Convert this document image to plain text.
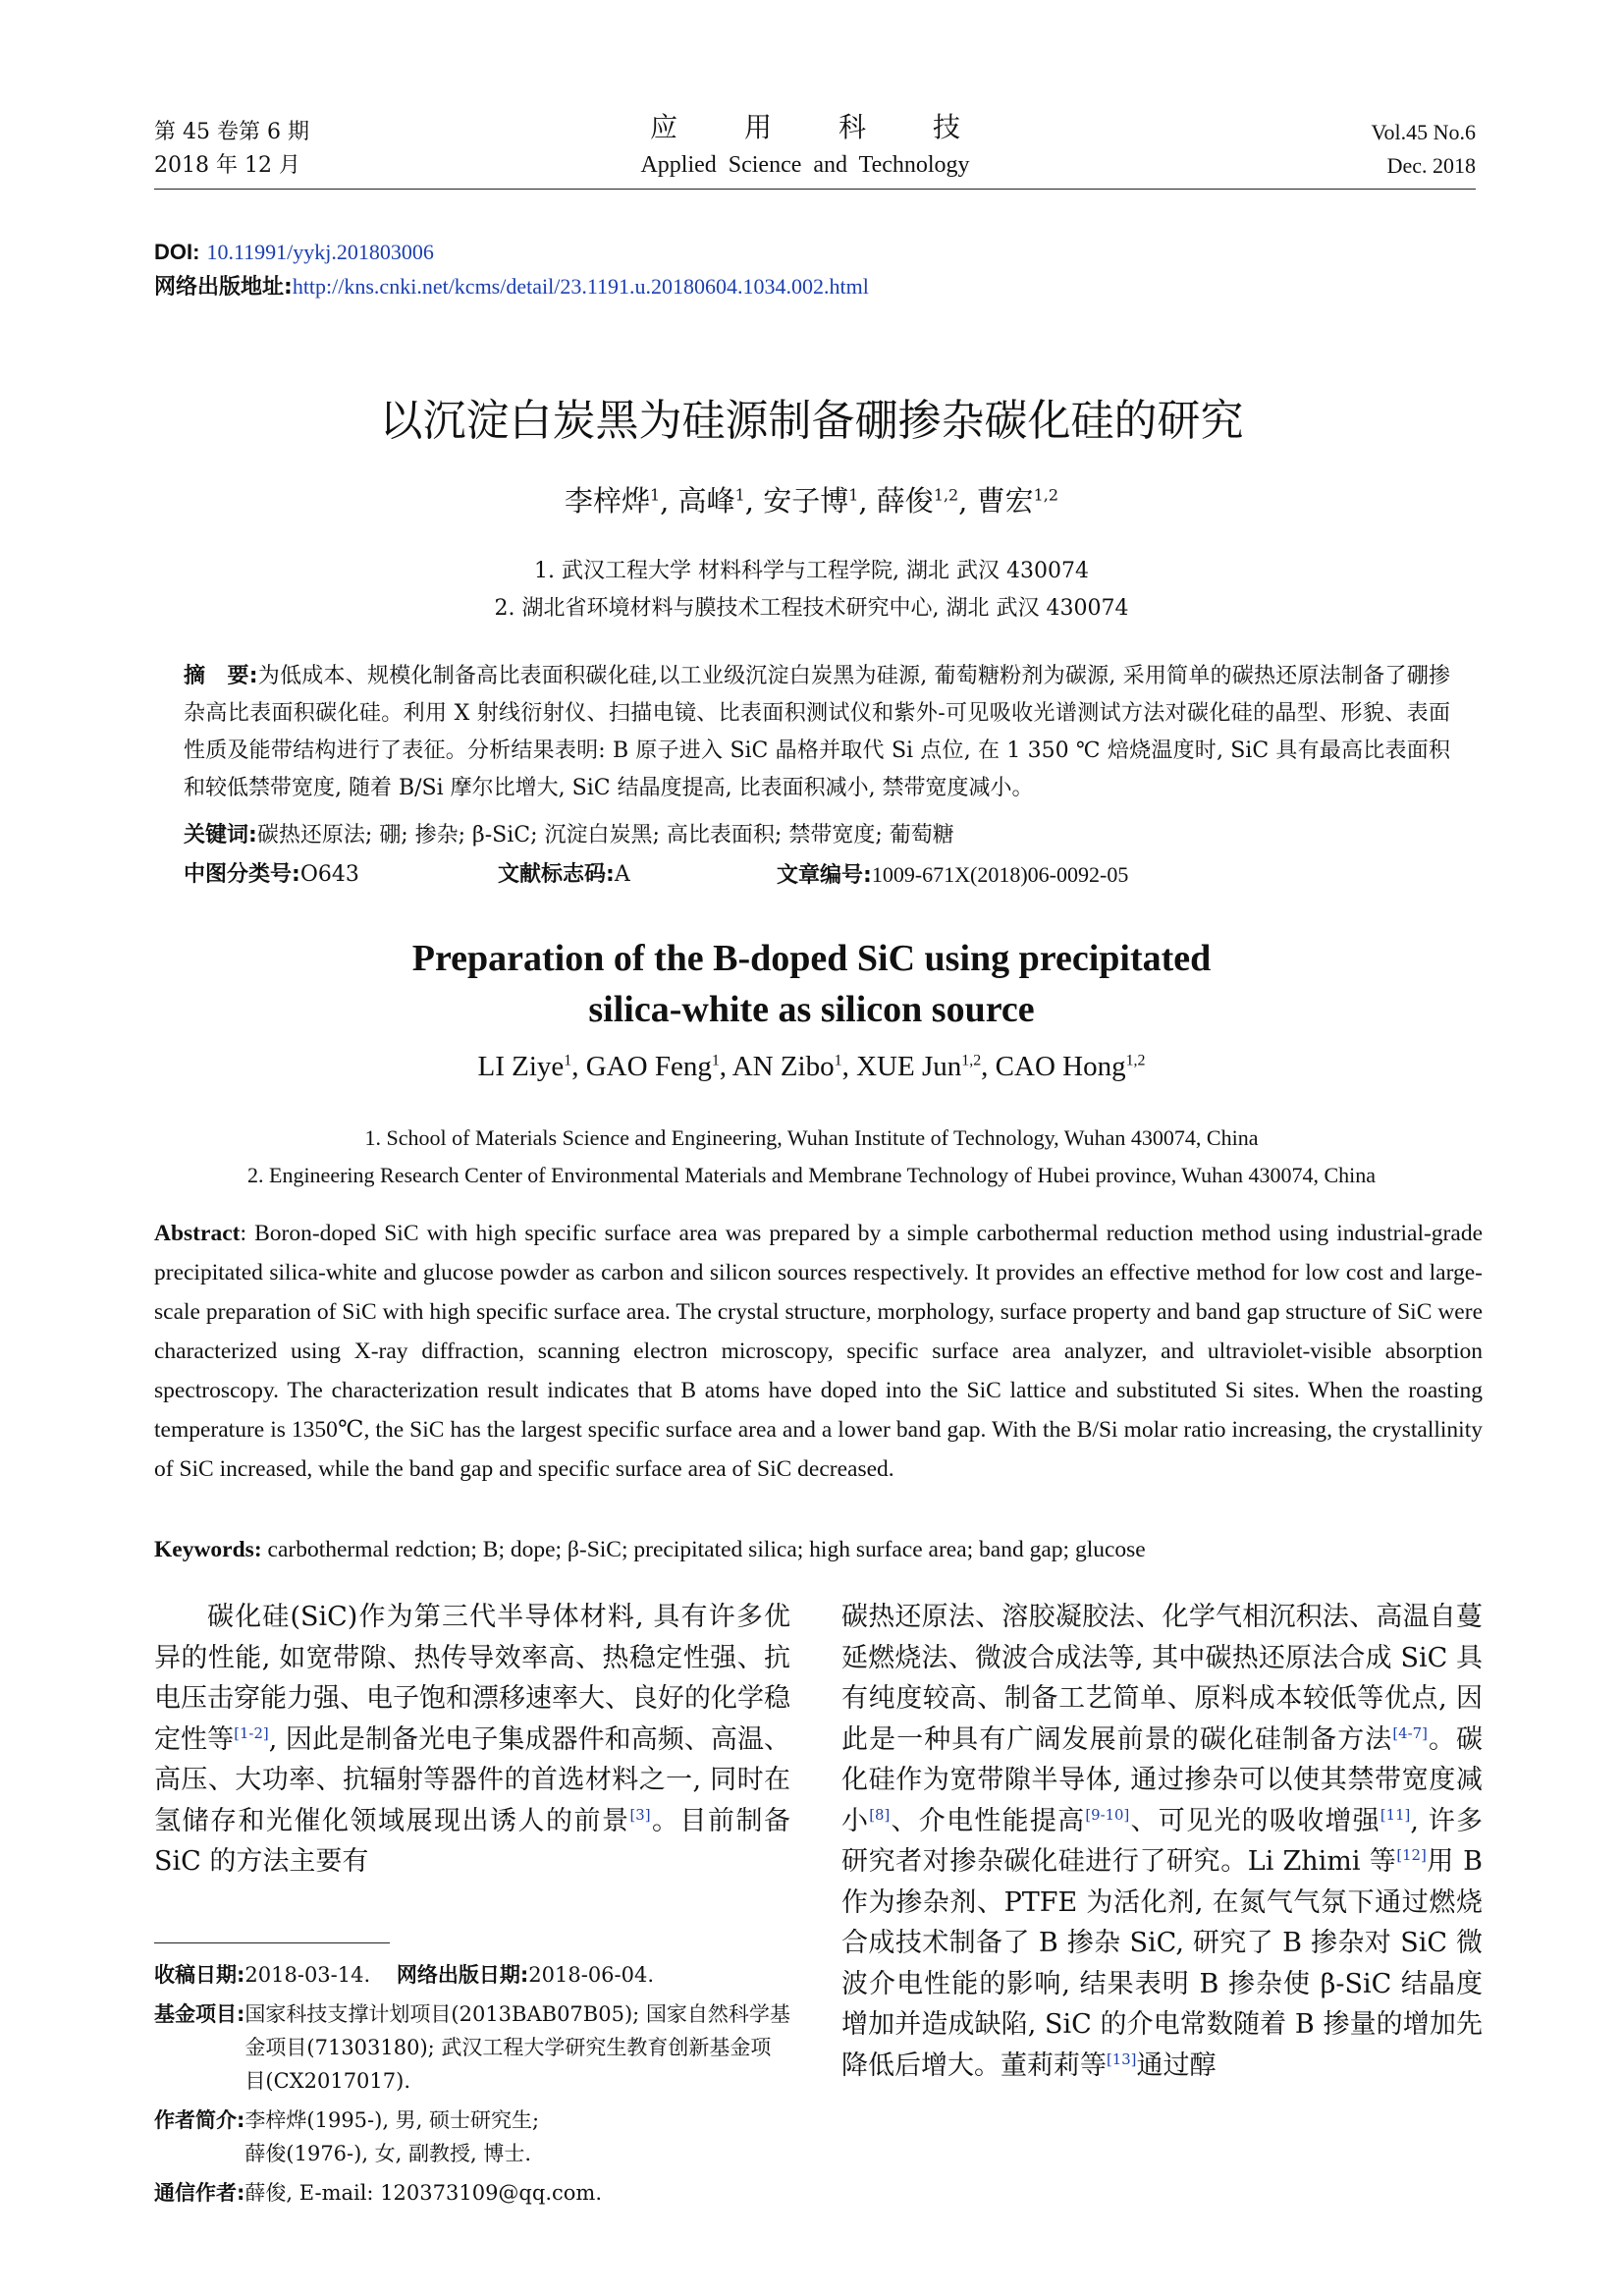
第 45 卷第 6 期
2018 年 12 月
应用科技
Applied  Science  and  Technology
Vol.45 No.6
Dec. 2018
DOI: 10.11991/yykj.201803006
网络出版地址:http://kns.cnki.net/kcms/detail/23.1191.u.20180604.1034.002.html
以沉淀白炭黑为硅源制备硼掺杂碳化硅的研究
李梓烨$^1$, 高峰$^1$, 安子博$^1$, 薛俊$^{1,2}$, 曹宏$^{1,2}$
1. 武汉工程大学 材料科学与工程学院, 湖北 武汉 430074
2. 湖北省环境材料与膜技术工程技术研究中心, 湖北 武汉 430074
摘　要:为低成本、规模化制备高比表面积碳化硅,以工业级沉淀白炭黑为硅源, 葡萄糖粉剂为碳源, 采用简单的碳热还原法制备了硼掺杂高比表面积碳化硅。利用 X 射线衍射仪、扫描电镜、比表面积测试仪和紫外-可见吸收光谱测试方法对碳化硅的晶型、形貌、表面性质及能带结构进行了表征。分析结果表明: B 原子进入 SiC 晶格并取代 Si 点位, 在 1 350 ℃ 焙烧温度时, SiC 具有最高比表面积和较低禁带宽度, 随着 B/Si 摩尔比增大, SiC 结晶度提高, 比表面积减小, 禁带宽度减小。
关键词:碳热还原法; 硼; 掺杂; β-SiC; 沉淀白炭黑; 高比表面积; 禁带宽度; 葡萄糖
中图分类号:O643	文献标志码:A	文章编号:1009-671X(2018)06-0092-05
Preparation of the B-doped SiC using precipitated
silica-white as silicon source
LI Ziye$^1$, GAO Feng$^1$, AN Zibo$^1$, XUE Jun$^{1,2}$, CAO Hong$^{1,2}$
1. School of Materials Science and Engineering, Wuhan Institute of Technology, Wuhan 430074, China
2. Engineering Research Center of Environmental Materials and Membrane Technology of Hubei province, Wuhan 430074, China
Abstract: Boron-doped SiC with high specific surface area was prepared by a simple carbothermal reduction method using industrial-grade precipitated silica-white and glucose powder as carbon and silicon sources respectively. It provides an effective method for low cost and large-scale preparation of SiC with high specific surface area. The crystal structure, morphology, surface property and band gap structure of SiC were characterized using X-ray diffraction, scanning electron microscopy, specific surface area analyzer, and ultraviolet-visible absorption spectroscopy. The characterization result indicates that B atoms have doped into the SiC lattice and substituted Si sites. When the roasting temperature is 1350℃, the SiC has the largest specific surface area and a lower band gap. With the B/Si molar ratio increasing, the crystallinity of SiC increased, while the band gap and specific surface area of SiC decreased.
Keywords: carbothermal redction; B; dope; β-SiC; precipitated silica; high surface area; band gap; glucose
碳化硅(SiC)作为第三代半导体材料, 具有许多优异的性能, 如宽带隙、热传导效率高、热稳定性强、抗电压击穿能力强、电子饱和漂移速率大、良好的化学稳定性等[1-2], 因此是制备光电子集成器件和高频、高温、高压、大功率、抗辐射等器件的首选材料之一, 同时在氢储存和光催化领域展现出诱人的前景[3]。目前制备 SiC 的方法主要有
收稿日期: 2018-03-14. 网络出版日期:2018-06-04.
基金项目: 国家科技支撑计划项目(2013BAB07B05); 国家自然科学基金项目(71303180); 武汉工程大学研究生教育创新基金项目(CX2017017).
作者简介: 李梓烨(1995-), 男, 硕士研究生;
薛俊(1976-), 女, 副教授, 博士.
通信作者: 薛俊, E-mail: 120373109@qq.com.
碳热还原法、溶胶凝胶法、化学气相沉积法、高温自蔓延燃烧法、微波合成法等, 其中碳热还原法合成 SiC 具有纯度较高、制备工艺简单、原料成本较低等优点, 因此是一种具有广阔发展前景的碳化硅制备方法[4-7]。碳化硅作为宽带隙半导体, 通过掺杂可以使其禁带宽度减小[8]、介电性能提高[9-10]、可见光的吸收增强[11], 许多研究者对掺杂碳化硅进行了研究。Li Zhimi 等[12]用 B 作为掺杂剂、PTFE 为活化剂, 在氮气气氛下通过燃烧合成技术制备了 B 掺杂 SiC, 研究了 B 掺杂对 SiC 微波介电性能的影响, 结果表明 B 掺杂使 β-SiC 结晶度增加并造成缺陷, SiC 的介电常数随着 B 掺量的增加先降低后增大。董莉莉等[13]通过醇
